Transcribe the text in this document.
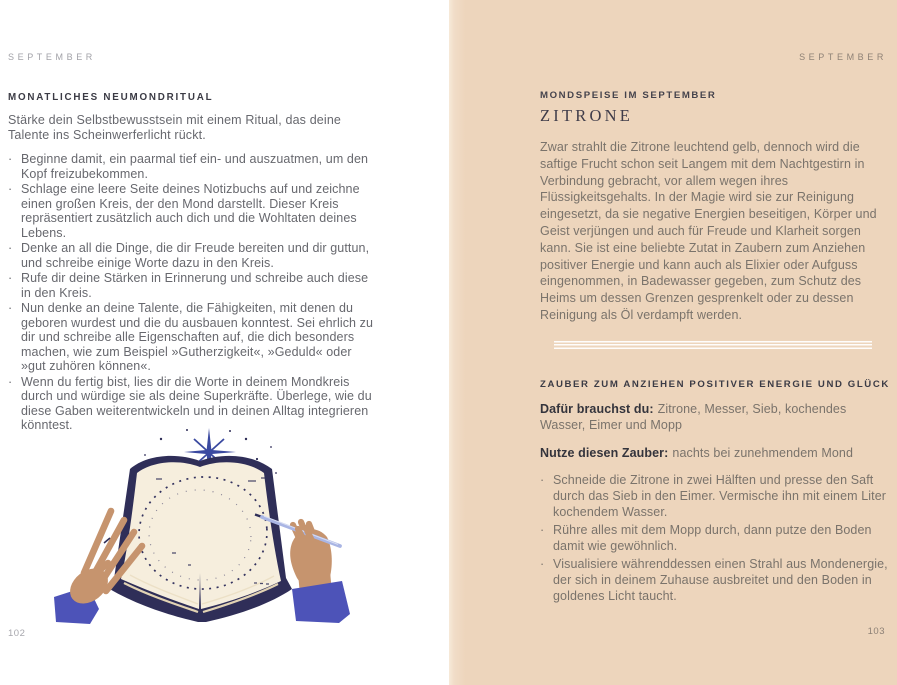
SEPTEMBER
MONATLICHES NEUMONDRITUAL

Stärke dein Selbstbewusstsein mit einem Ritual, das deine Talente ins Scheinwerferlicht rückt.

· Beginne damit, ein paarmal tief ein- und auszuatmen, um den Kopf freizubekommen.
· Schlage eine leere Seite deines Notizbuchs auf und zeichne einen großen Kreis, der den Mond darstellt. Dieser Kreis repräsentiert zusätzlich auch dich und die Wohltaten deines Lebens.
· Denke an all die Dinge, die dir Freude bereiten und dir guttun, und schreibe einige Worte dazu in den Kreis.
· Rufe dir deine Stärken in Erinnerung und schreibe auch diese in den Kreis.
· Nun denke an deine Talente, die Fähigkeiten, mit denen du geboren wurdest und die du ausbauen konntest. Sei ehrlich zu dir und schreibe alle Eigenschaften auf, die dich besonders machen, wie zum Beispiel »Gutherzigkeit«, »Geduld« oder »gut zuhören können«.
· Wenn du fertig bist, lies dir die Worte in deinem Mondkreis durch und würdige sie als deine Superkräfte. Überlege, wie du diese Gaben weiterentwickeln und in deinen Alltag integrieren könntest.
102
SEPTEMBER
MONDSPEISE IM SEPTEMBER
ZITRONE

Zwar strahlt die Zitrone leuchtend gelb, dennoch wird die saftige Frucht schon seit Langem mit dem Nachtgestirn in Verbindung gebracht, vor allem wegen ihres Flüssigkeitsgehalts. In der Magie wird sie zur Reinigung eingesetzt, da sie negative Energien beseitigen, Körper und Geist verjüngen und auch für Freude und Klarheit sorgen kann. Sie ist eine beliebte Zutat in Zaubern zum Anziehen positiver Energie und kann auch als Elixier oder Aufguss eingenommen, in Badewasser gegeben, zum Schutz des Heims um dessen Grenzen gesprenkelt oder zu dessen Reinigung als Öl verdampft werden.

ZAUBER ZUM ANZIEHEN POSITIVER ENERGIE UND GLÜCK

Dafür brauchst du: Zitrone, Messer, Sieb, kochendes Wasser, Eimer und Mopp

Nutze diesen Zauber: nachts bei zunehmendem Mond

· Schneide die Zitrone in zwei Hälften und presse den Saft durch das Sieb in den Eimer. Vermische ihn mit einem Liter kochendem Wasser.
· Rühre alles mit dem Mopp durch, dann putze den Boden damit wie gewöhnlich.
· Visualisiere währenddessen einen Strahl aus Mondenergie, der sich in deinem Zuhause ausbreitet und den Boden in goldenes Licht taucht.
103
